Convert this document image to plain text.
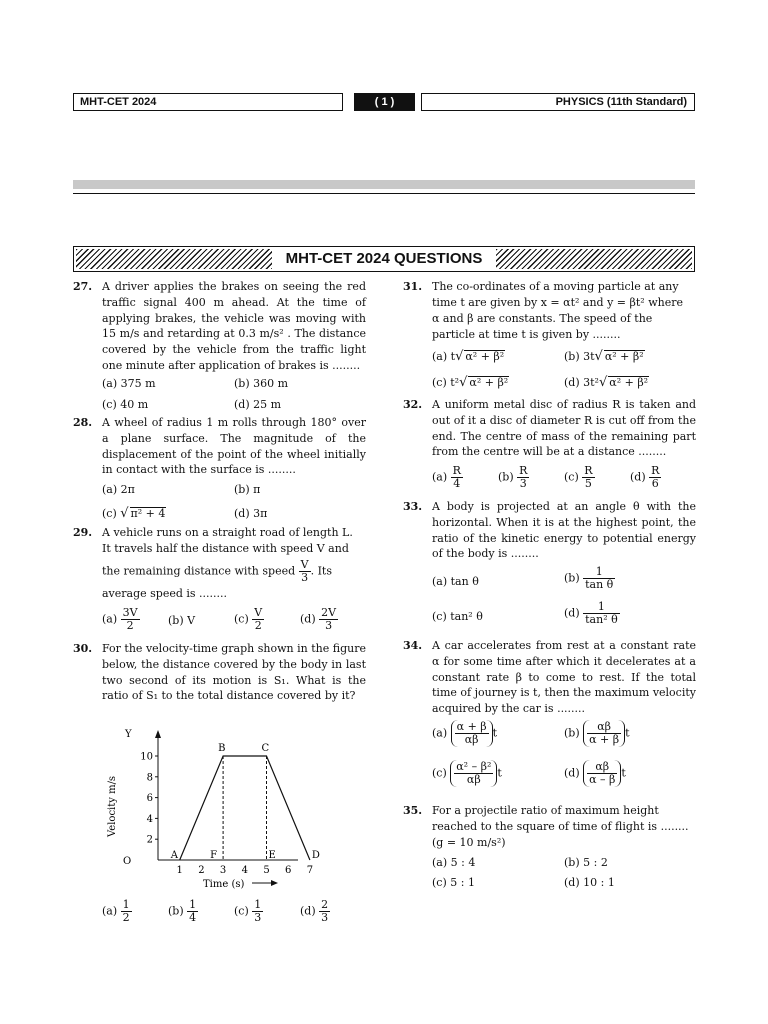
MHT-CET 2024	( 1 )	PHYSICS (11th Standard)
MHT-CET 2024 QUESTIONS
27. A driver applies the brakes on seeing the red traffic signal 400 m ahead. At the time of applying brakes, the vehicle was moving with 15 m/s and retarding at 0.3 m/s² . The distance covered by the vehicle from the traffic light one minute after application of brakes is ........
(a) 375 m	(b) 360 m
(c) 40 m	(d) 25 m
28. A wheel of radius 1 m rolls through 180° over a plane surface. The magnitude of the displacement of the point of the wheel initially in contact with the surface is ........
(a) 2π	(b) π
(c) √ π² + 4	(d) 3π
29. A vehicle runs on a straight road of length L.
It travels half the distance with speed V and
the remaining distance with speed $\frac{V}{3}$ . Its
average speed is ........
$(a) \frac{3V}{2}$	(b) V	$(c) \frac{V}{2}$	$(d) \frac{2V}{3}$
30. For the velocity-time graph shown in the figure below, the distance covered by the body in last two second of its motion is S₁. What is the ratio of S₁ to the total distance covered by it?
Y
O
2
4
6
8
10
1 2 3 4 5 6 7
A
B	C
D
F	E
Velocity m/s
Time (s)
$(a) \frac{1}{2}$	$(b) \frac{1}{4}$	$(c) \frac{1}{3}$	$(d) \frac{2}{3}$
31. The co-ordinates of a moving particle at any
time t are given by x = αt² and y = βt² where
α and β are constants. The speed of the
particle at time t is given by ........
(a) t√ α² + β²	(b) 3t√ α² + β²
(c) t²√ α² + β²	(d) 3t²√ α² + β²
32. A uniform metal disc of radius R is taken and out of it a disc of diameter R is cut off from the end. The centre of mass of the remaining part from the centre will be at a distance ........
$(a) \frac{R}{4}$	$(b) \frac{R}{3}$	$(c) \frac{R}{5}$	$(d) \frac{R}{6}$
33. A body is projected at an angle θ with the horizontal. When it is at the highest point, the ratio of the kinetic energy to potential energy of the body is ........
(a) tan θ	$(b) \frac{1}{\text{tan θ}}$
(c) tan² θ	$(d) \frac{1}{\text{tan² θ}}$
34. A car accelerates from rest at a constant rate α for some time after which it decelerates at a constant rate β to come to rest. If the total time of journey is t, then the maximum velocity acquired by the car is ........
$(a) \frac{\alpha + \beta}{\alpha\beta}$ t	$(b) \frac{\alpha\beta}{\alpha + \beta}$ t
$(c) \frac{\text{α² – β²}}{\alpha\beta}$ t	$(d) \frac{\alpha\beta}{\alpha - \beta}$ t
35. For a projectile ratio of maximum height
reached to the square of time of flight is ........
(g = 10 m/s²)
(a) 5 : 4	(b) 5 : 2
(c) 5 : 1	(d) 10 : 1
